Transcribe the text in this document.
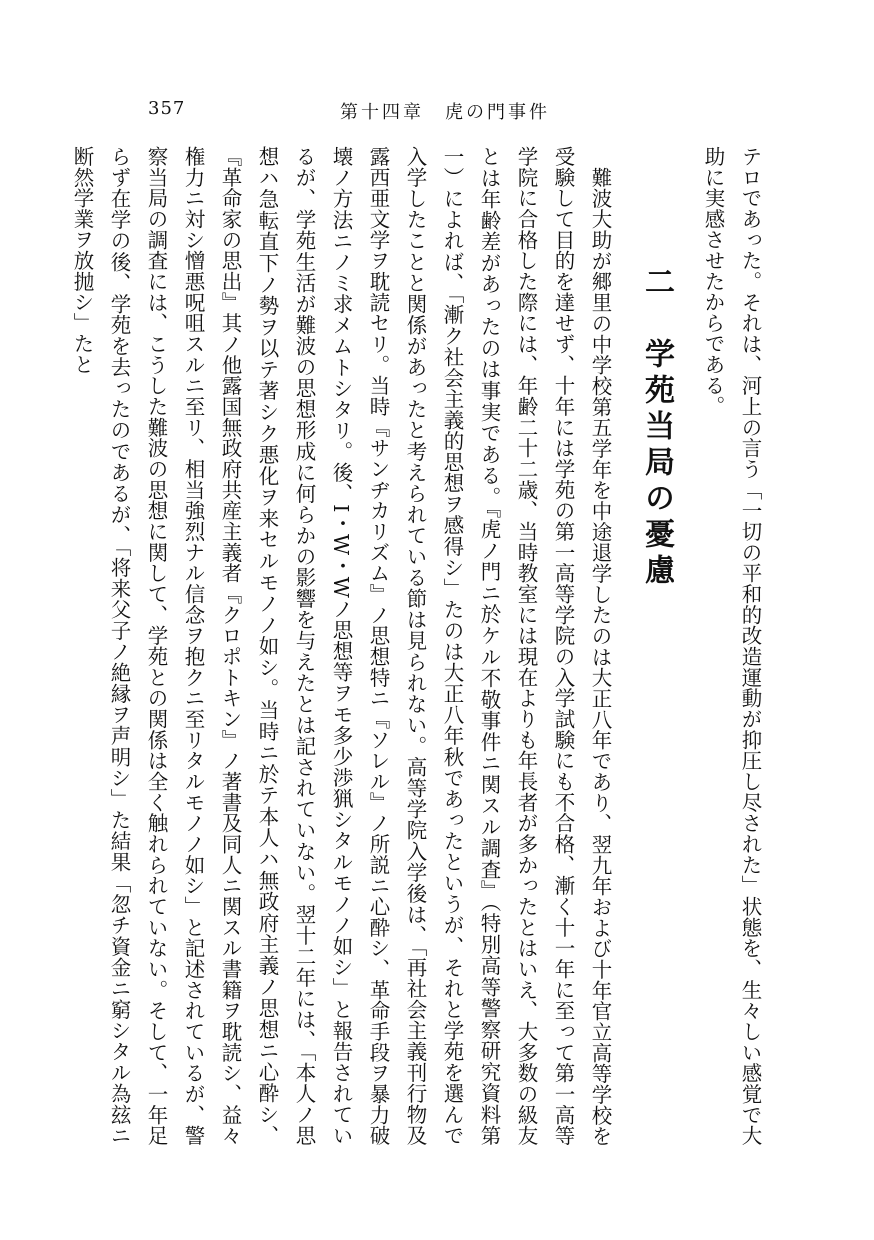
357	第十四章　虎の門事件

テロであった。それは、河上の言う「一切の平和的改造運動が抑圧し尽された」状態を、生々しい感覚で大助に実感させたからである。

二　学苑当局の憂慮

難波大助が郷里の中学校第五学年を中途退学したのは大正八年であり、翌九年および十年官立高等学校を受験して目的を達せず、十年には学苑の第一高等学院の入学試験にも不合格、漸く十一年に至って第一高等学院に合格した際には、年齢二十二歳、当時教室には現在よりも年長者が多かったとはいえ、大多数の級友とは年齢差があったのは事実である。『虎ノ門ニ於ケル不敬事件ニ関スル調査』（特別高等警察研究資料第一）によれば、「漸ク社会主義的思想ヲ感得シ」たのは大正八年秋であったというが、それと学苑を選んで入学したことと関係があったと考えられている節は見られない。高等学院入学後は、「再社会主義刊行物及露西亜文学ヲ耽読セリ。当時『サンヂカリズム』ノ思想特ニ『ソレル』ノ所説ニ心酔シ、革命手段ヲ暴力破壊ノ方法ニノミ求メムトシタリ。後、I・W・Wノ思想等ヲモ多少渉猟シタルモノノ如シ」と報告されているが、学苑生活が難波の思想形成に何らかの影響を与えたとは記されていない。翌十二年には、「本人ノ思想ハ急転直下ノ勢ヲ以テ著シク悪化ヲ来セルモノノ如シ。当時ニ於テ本人ハ無政府主義ノ思想ニ心酔シ、『革命家の思出』其ノ他露国無政府共産主義者『クロポトキン』ノ著書及同人ニ関スル書籍ヲ耽読シ、益々権力ニ対シ憎悪呪咀スルニ至リ、相当強烈ナル信念ヲ抱クニ至リタルモノノ如シ」と記述されているが、警察当局の調査には、こうした難波の思想に関して、学苑との関係は全く触れられていない。そして、一年足らず在学の後、学苑を去ったのであるが、「将来父子ノ絶縁ヲ声明シ」た結果「忽チ資金ニ窮シタル為玆ニ断然学業ヲ放抛シ」たと
